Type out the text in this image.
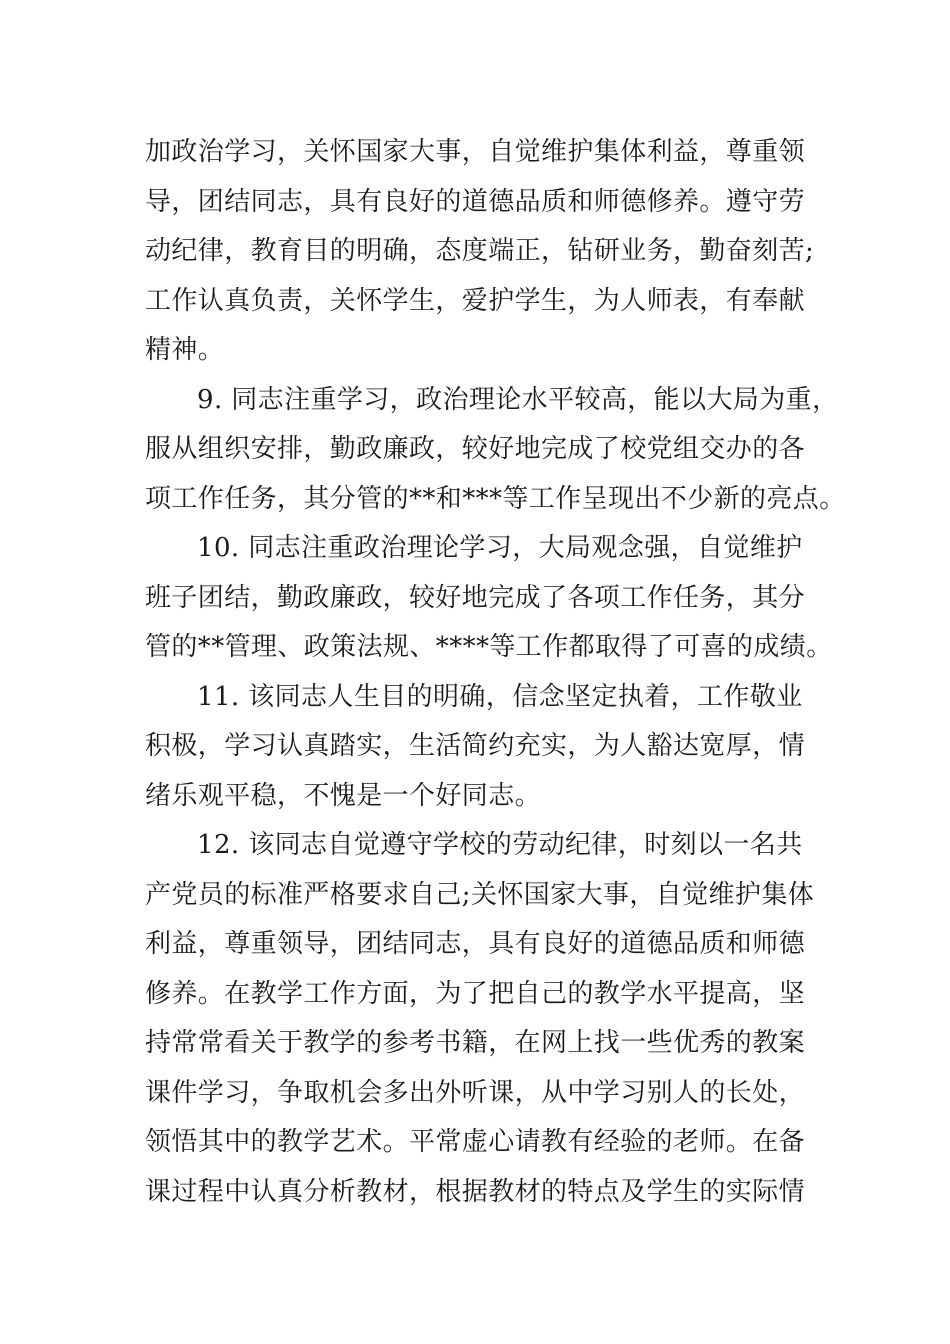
加政治学习，关怀国家大事，自觉维护集体利益，尊重领
导，团结同志，具有良好的道德品质和师德修养。遵守劳
动纪律，教育目的明确，态度端正，钻研业务，勤奋刻苦;
工作认真负责，关怀学生，爱护学生，为人师表，有奉献
精神。
9. 同志注重学习，政治理论水平较高，能以大局为重，
服从组织安排，勤政廉政，较好地完成了校党组交办的各
项工作任务，其分管的**和***等工作呈现出不少新的亮点。
10. 同志注重政治理论学习，大局观念强，自觉维护
班子团结，勤政廉政，较好地完成了各项工作任务，其分
管的**管理、政策法规、****等工作都取得了可喜的成绩。
11. 该同志人生目的明确，信念坚定执着，工作敬业
积极，学习认真踏实，生活简约充实，为人豁达宽厚，情
绪乐观平稳，不愧是一个好同志。
12. 该同志自觉遵守学校的劳动纪律，时刻以一名共
产党员的标准严格要求自己;关怀国家大事，自觉维护集体
利益，尊重领导，团结同志，具有良好的道德品质和师德
修养。在教学工作方面，为了把自己的教学水平提高，坚
持常常看关于教学的参考书籍，在网上找一些优秀的教案
课件学习，争取机会多出外听课，从中学习别人的长处，
领悟其中的教学艺术。平常虚心请教有经验的老师。在备
课过程中认真分析教材，根据教材的特点及学生的实际情
